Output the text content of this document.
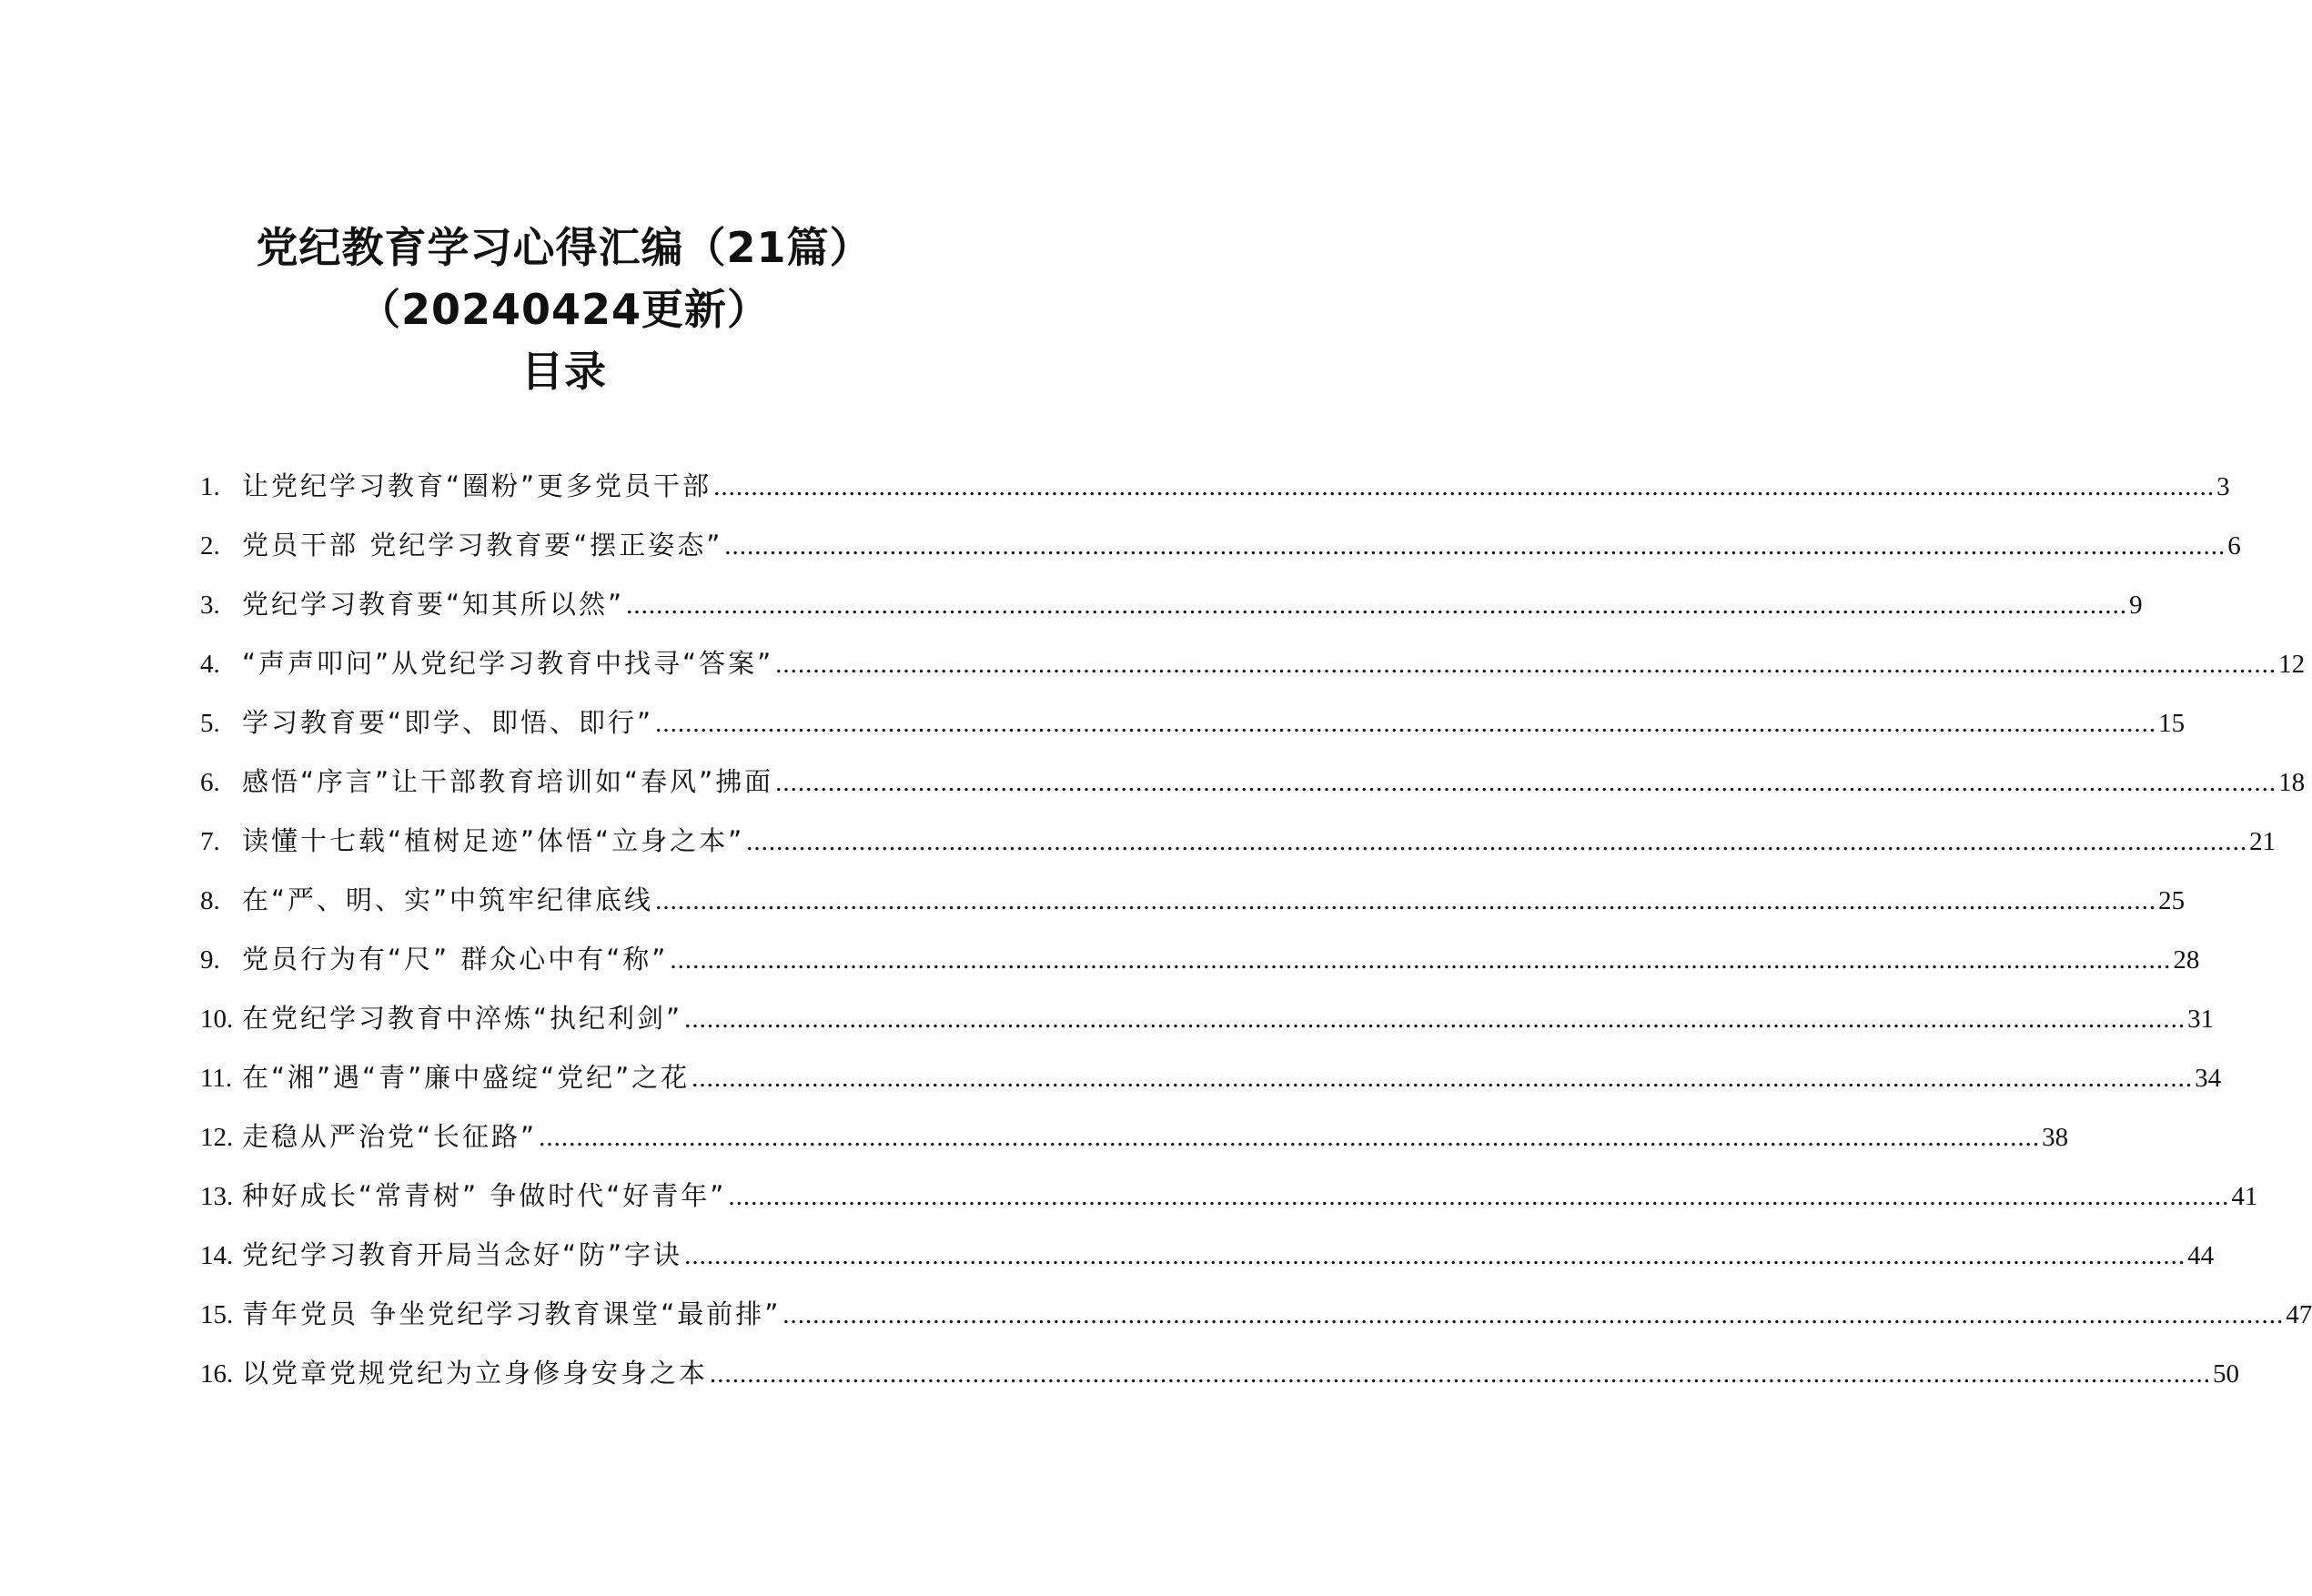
党纪教育学习心得汇编（21篇）
（20240424更新）
目录
1. 让党纪学习教育“圈粉”更多党员干部 .....	3
2. 党员干部 党纪学习教育要“摆正姿态” .....	6
3. 党纪学习教育要“知其所以然” .....	9
4. “声声叩问”从党纪学习教育中找寻“答案” .....	12
5. 学习教育要“即学、即悟、即行” .....	15
6. 感悟“序言”让干部教育培训如“春风”拂面 .....	18
7. 读懂十七载“植树足迹”体悟“立身之本” .....	21
8. 在“严、明、实”中筑牢纪律底线 .....	25
9. 党员行为有“尺” 群众心中有“称” .....	28
10. 在党纪学习教育中淬炼“执纪利剑” .....	31
11. 在“湘”遇“青”廉中盛绽“党纪”之花 .....	34
12. 走稳从严治党“长征路” .....	38
13. 种好成长“常青树” 争做时代“好青年” .....	41
14. 党纪学习教育开局当念好“防”字诀 .....	44
15. 青年党员 争坐党纪学习教育课堂“最前排” .....	47
16. 以党章党规党纪为立身修身安身之本 .....	50
